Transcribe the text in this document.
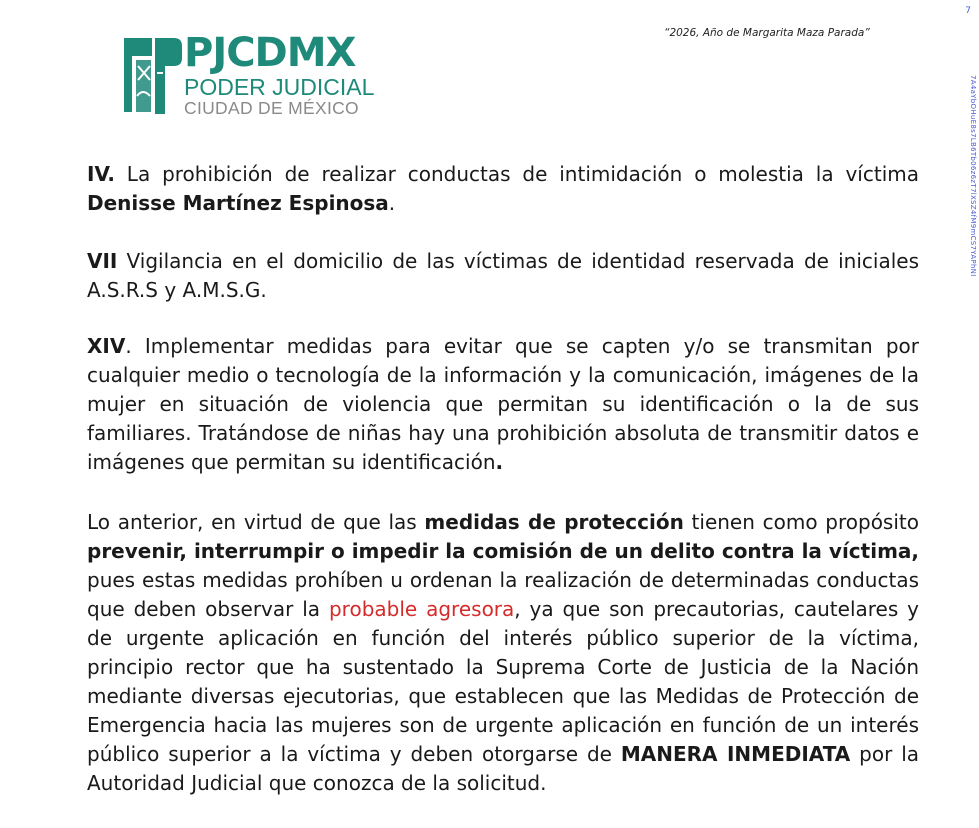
7
7A4aYbOHuE8s7LB6Tb06z6zT7lXSZ4fM9mCS7YAPhNI
“2026, Año de Margarita Maza Parada”
PJCDMX
PODER JUDICIAL
CIUDAD DE MÉXICO

IV. La prohibición de realizar conductas de intimidación o molestia la víctima Denisse Martínez Espinosa.

VII Vigilancia en el domicilio de las víctimas de identidad reservada de iniciales A.S.R.S y A.M.S.G.

XIV. Implementar medidas para evitar que se capten y/o se transmitan por cualquier medio o tecnología de la información y la comunicación, imágenes de la mujer en situación de violencia que permitan su identificación o la de sus familiares. Tratándose de niñas hay una prohibición absoluta de transmitir datos e imágenes que permitan su identificación.

Lo anterior, en virtud de que las medidas de protección tienen como propósito prevenir, interrumpir o impedir la comisión de un delito contra la víctima, pues estas medidas prohíben u ordenan la realización de determinadas conductas que deben observar la probable agresora, ya que son precautorias, cautelares y de urgente aplicación en función del interés público superior de la víctima, principio rector que ha sustentado la Suprema Corte de Justicia de la Nación mediante diversas ejecutorias, que establecen que las Medidas de Protección de Emergencia hacia las mujeres son de urgente aplicación en función de un interés público superior a la víctima y deben otorgarse de MANERA INMEDIATA por la Autoridad Judicial que conozca de la solicitud.
